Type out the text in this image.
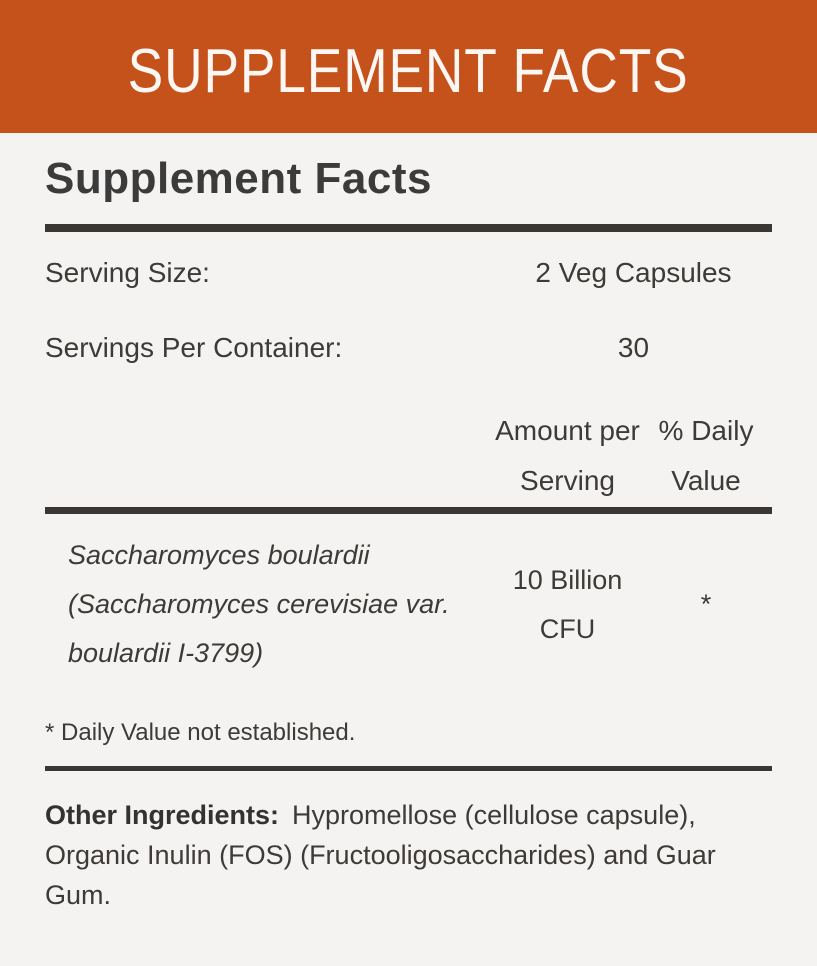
SUPPLEMENT FACTS
Supplement Facts
Serving Size:	2 Veg Capsules
Servings Per Container:	30
Amount per Serving
% Daily Value
Saccharomyces boulardii (Saccharomyces cerevisiae var. boulardii I-3799)
10 Billion CFU
*
* Daily Value not established.
Other Ingredients: Hypromellose (cellulose capsule), Organic Inulin (FOS) (Fructooligosaccharides) and Guar Gum.
